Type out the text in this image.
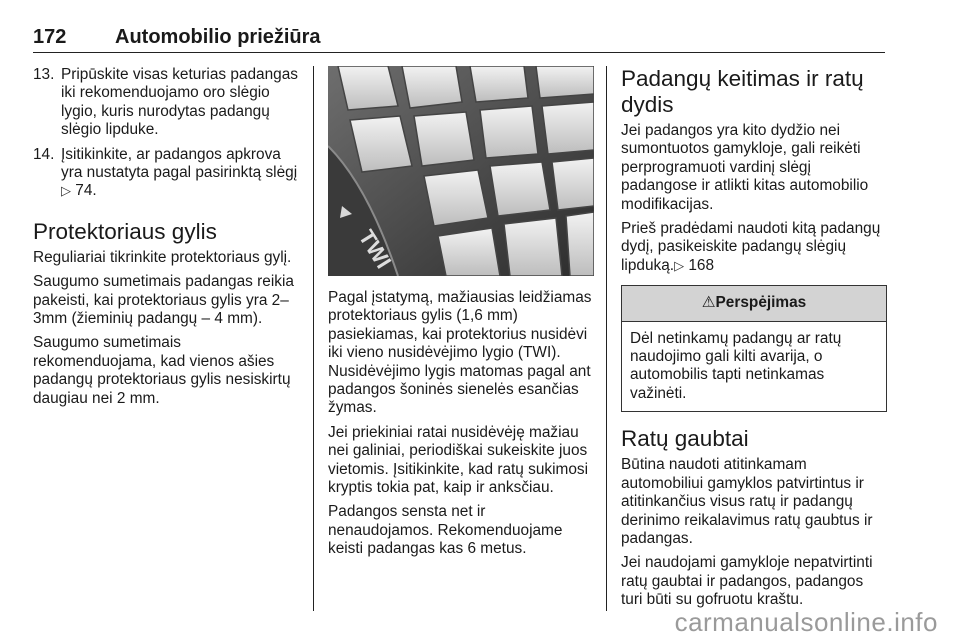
172 Automobilio priežiūra
13. Pripūskite visas keturias padangas iki rekomenduojamo oro slėgio lygio, kuris nurodytas padangų slėgio lipduke.
14. Įsitikinkite, ar padangos apkrova yra nustatyta pagal pasirinktą slėgį ▷ 74.
Protektoriaus gylis

Reguliariai tikrinkite protektoriaus gylį.

Saugumo sumetimais padangas reikia pakeisti, kai protektoriaus gylis yra 2–3mm (žieminių padangų – 4 mm).

Saugumo sumetimais rekomenduojama, kad vienos ašies padangų protektoriaus gylis nesiskirtų daugiau nei 2 mm.

TWI

Pagal įstatymą, mažiausias leidžiamas protektoriaus gylis (1,6 mm) pasiekiamas, kai protektorius nusidėvi iki vieno nusidėvėjimo lygio (TWI). Nusidėvėjimo lygis matomas pagal ant padangos šoninės sienelės esančias žymas.

Jei priekiniai ratai nusidėvėję mažiau nei galiniai, periodiškai sukeiskite juos vietomis. Įsitikinkite, kad ratų sukimosi kryptis tokia pat, kaip ir anksčiau.

Padangos sensta net ir nenaudojamos. Rekomenduojame keisti padangas kas 6 metus.

Padangų keitimas ir ratų dydis

Jei padangos yra kito dydžio nei sumontuotos gamykloje, gali reikėti perprogramuoti vardinį slėgį padangose ir atlikti kitas automobilio modifikacijas.

Prieš pradėdami naudoti kitą padangų dydį, pasikeiskite padangų slėgių lipduką.▷ 168

⚠Perspėjimas
Dėl netinkamų padangų ar ratų naudojimo gali kilti avarija, o automobilis tapti netinkamas važinėti.
Ratų gaubtai

Būtina naudoti atitinkamam automobiliui gamyklos patvirtintus ir atitinkančius visus ratų ir padangų derinimo reikalavimus ratų gaubtus ir padangas.

Jei naudojami gamykloje nepatvirtinti ratų gaubtai ir padangos, padangos turi būti su gofruotu kraštu.

carmanualsonline.info
